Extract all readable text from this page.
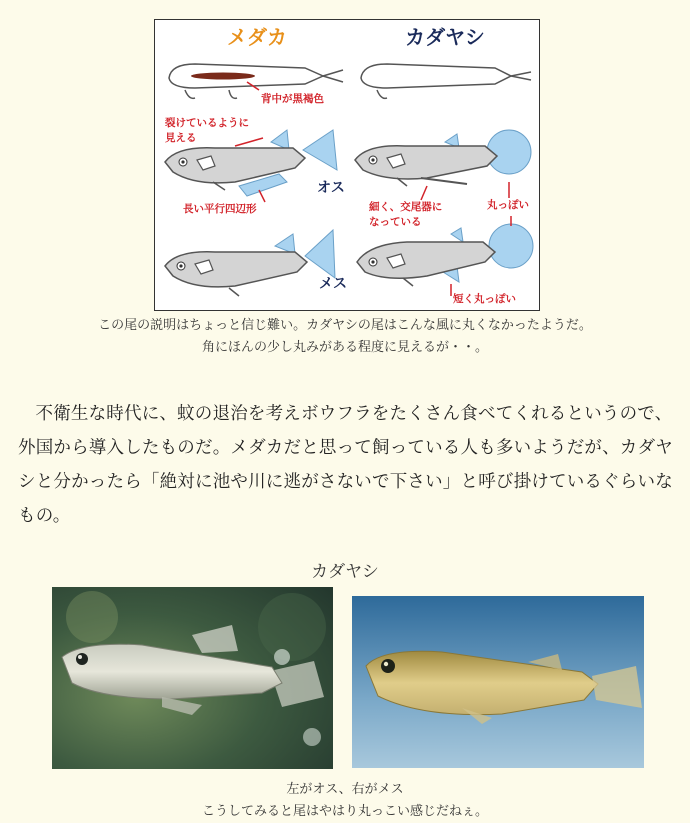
メダカ	カダヤシ
背中が黒褐色
裂けているように
見える
長い平行四辺形	丸っぽい
細く、交尾器に
なっている
オス
短く丸っぽい
メス
この尾の説明はちょっと信じ難い。カダヤシの尾はこんな風に丸くなかったようだ。
角にほんの少し丸みがある程度に見えるが・・。
不衛生な時代に、蚊の退治を考えボウフラをたくさん食べてくれるというので、外国から導入したものだ。メダカだと思って飼っている人も多いようだが、カダヤシと分かったら「絶対に池や川に逃がさないで下さい」と呼び掛けているぐらいなもの。
カダヤシ
左がオス、右がメス
こうしてみると尾はやはり丸っこい感じだねぇ。
